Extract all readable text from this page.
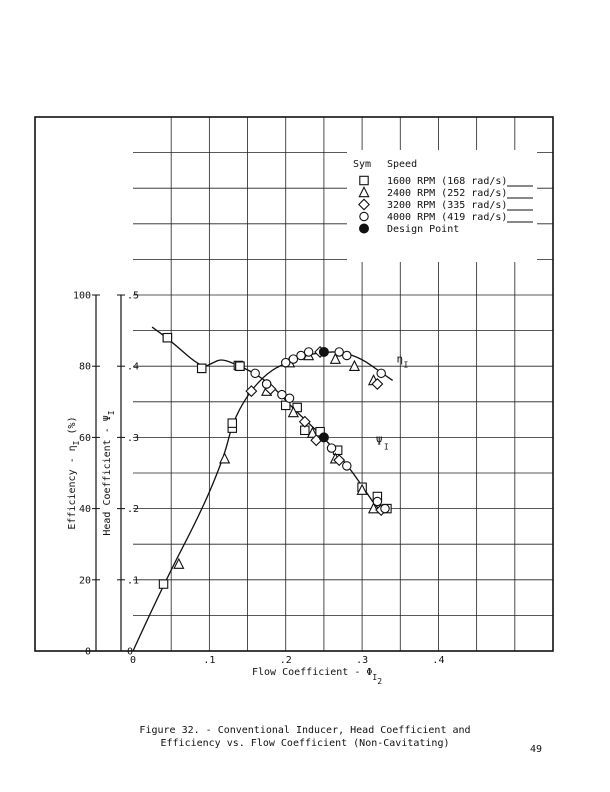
0	.1	.2	.3	.4
Flow Coefficient - $\Phi_{I2}$
0
.1
.2
.3
.4
.5
0
20
40
60
80
100
Efficiency - $\eta_I$ (%)	Head Coefficient - $\Psi_I$
Sym Speed
1600 RPM (168 rad/s)
2400 RPM (252 rad/s)
3200 RPM (335 rad/s)
4000 RPM (419 rad/s)
Design Point
η I
Ψ I
Figure 32. - Conventional Inducer, Head Coefficient and
Efficiency vs. Flow Coefficient (Non-Cavitating)
49
